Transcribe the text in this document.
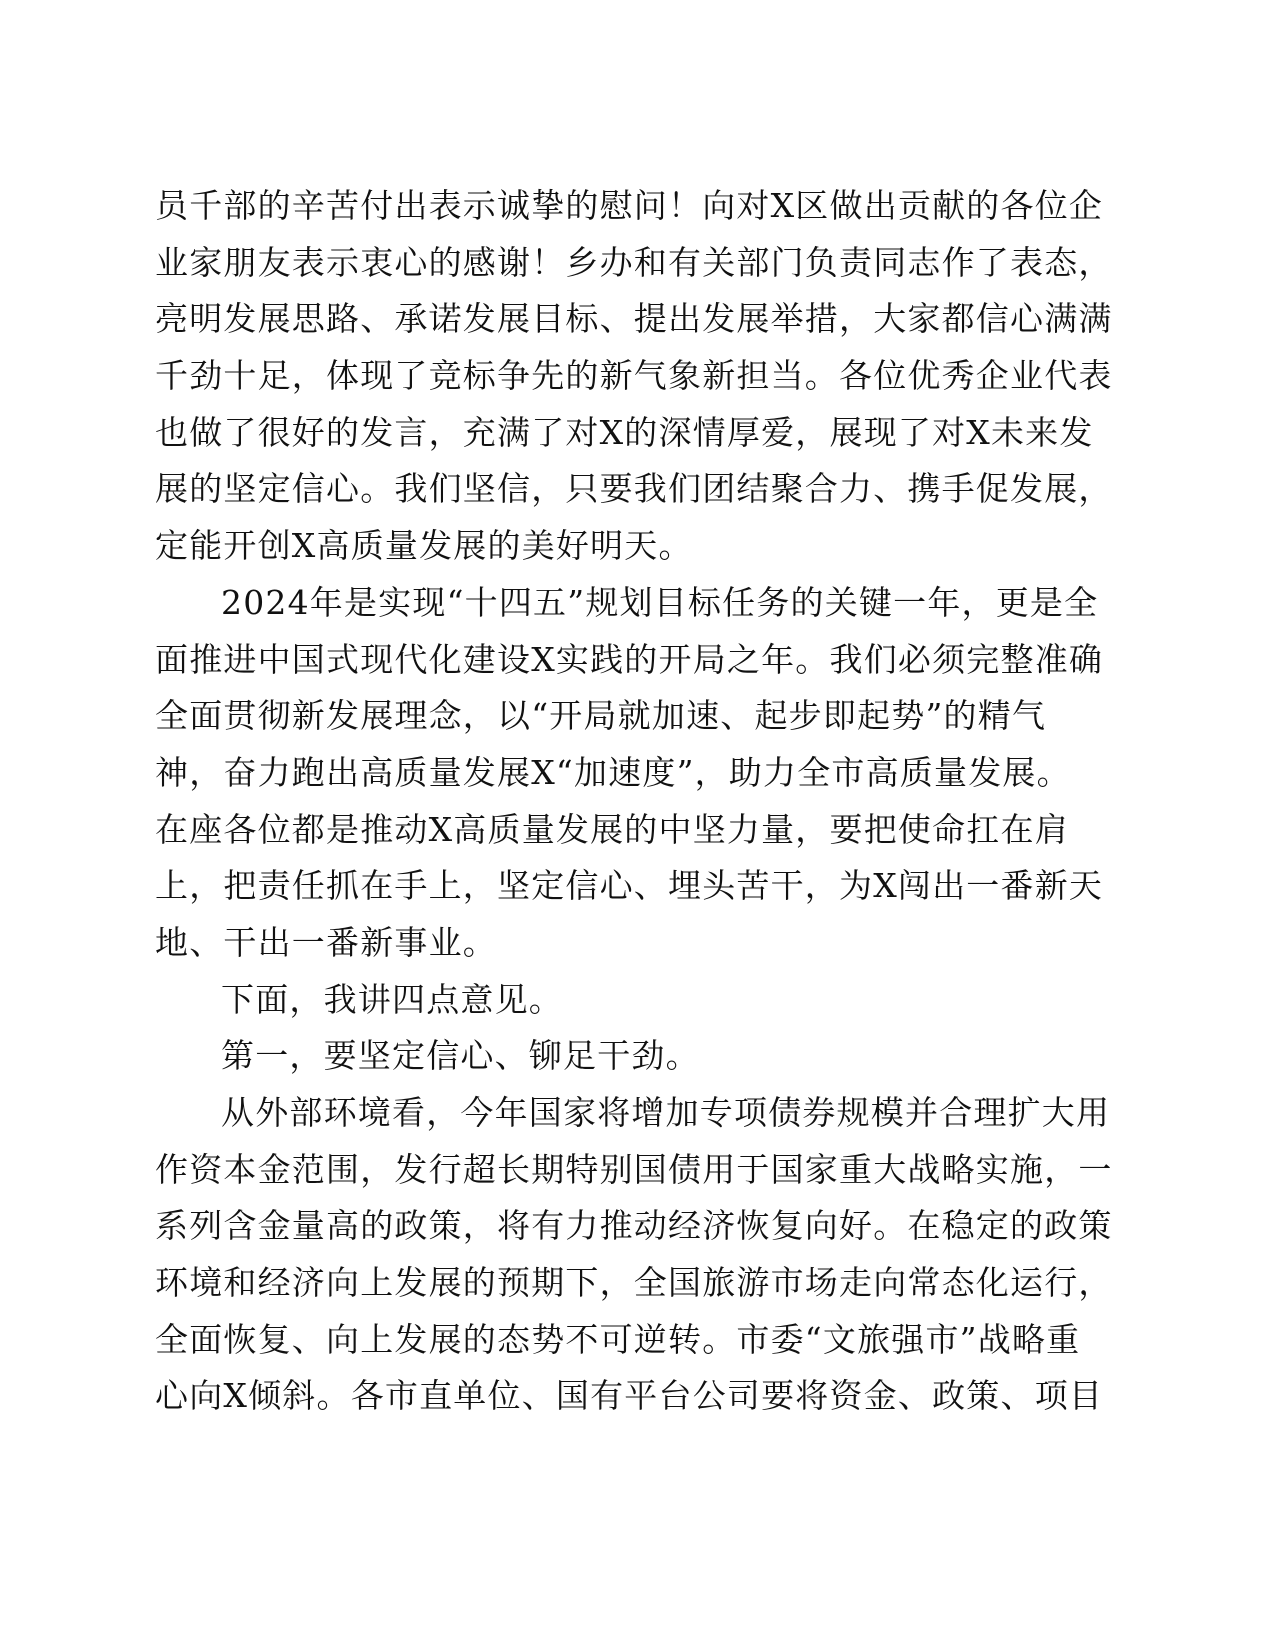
员千部的辛苦付出表示诚挚的慰问！向对X区做出贡献的各位企
业家朋友表示衷心的感谢！乡办和有关部门负责同志作了表态，
亮明发展思路、承诺发展目标、提出发展举措，大家都信心满满
千劲十足，体现了竞标争先的新气象新担当。各位优秀企业代表
也做了很好的发言，充满了对X的深情厚爱，展现了对X未来发
展的坚定信心。我们坚信，只要我们团结聚合力、携手促发展，
定能开创X高质量发展的美好明天。
2024年是实现“十四五”规划目标任务的关键一年，更是全
面推进中国式现代化建设X实践的开局之年。我们必须完整准确
全面贯彻新发展理念，以“开局就加速、起步即起势”的精气
神，奋力跑出高质量发展X“加速度”，助力全市高质量发展。
在座各位都是推动X高质量发展的中坚力量，要把使命扛在肩
上，把责任抓在手上，坚定信心、埋头苦干，为X闯出一番新天
地、干出一番新事业。
下面，我讲四点意见。
第一，要坚定信心、铆足干劲。
从外部环境看，今年国家将增加专项债券规模并合理扩大用
作资本金范围，发行超长期特别国债用于国家重大战略实施，一
系列含金量高的政策，将有力推动经济恢复向好。在稳定的政策
环境和经济向上发展的预期下，全国旅游市场走向常态化运行，
全面恢复、向上发展的态势不可逆转。市委“文旅强市”战略重
心向X倾斜。各市直单位、国有平台公司要将资金、政策、项目
